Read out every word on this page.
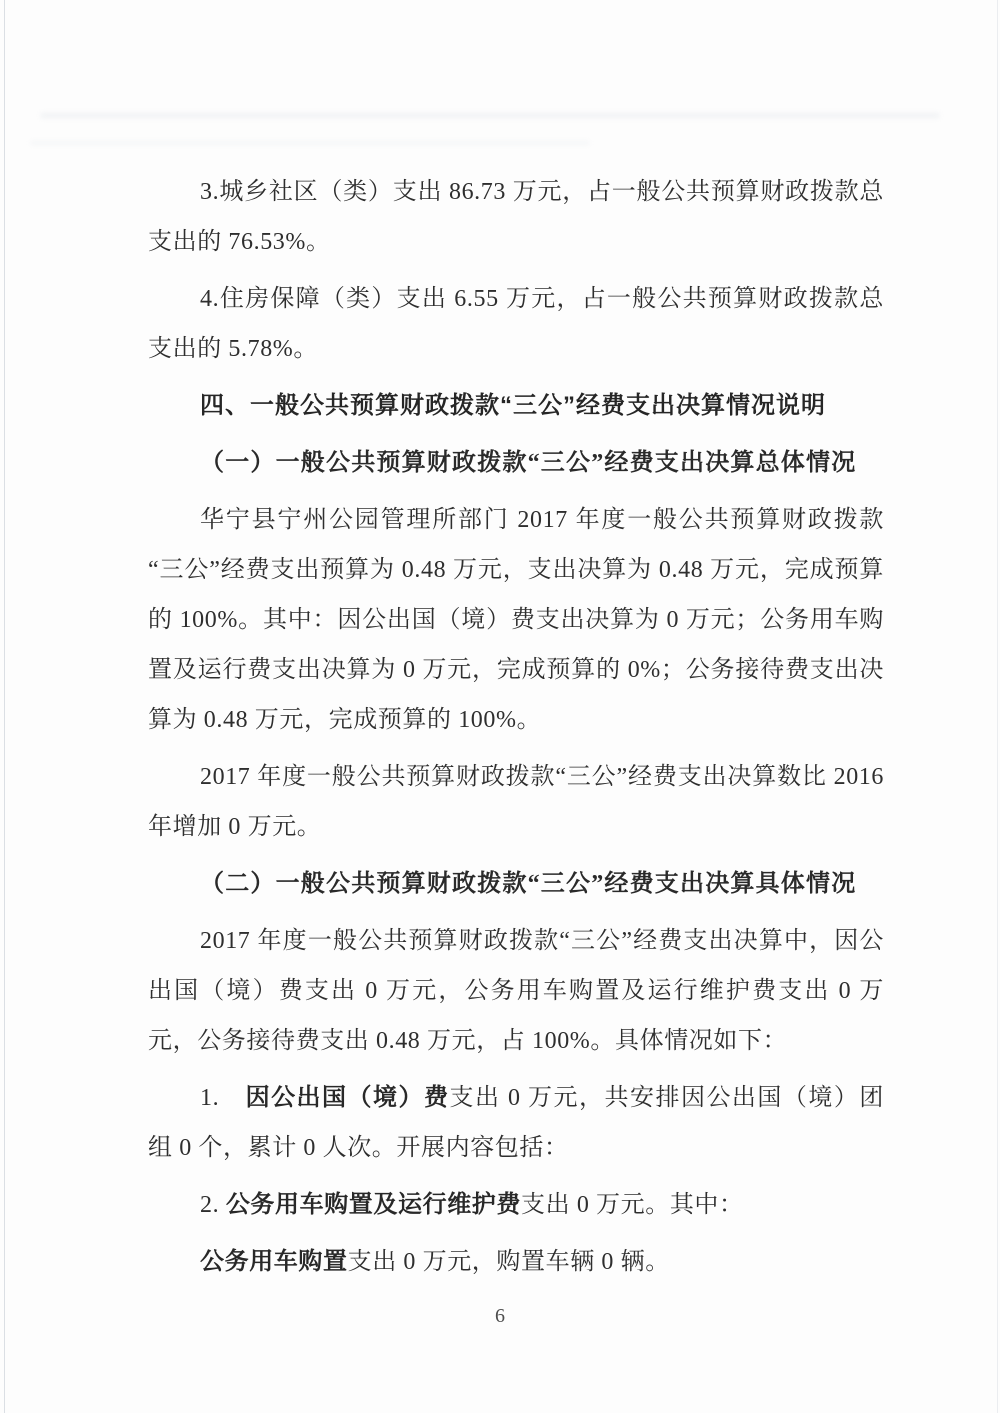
3.城乡社区（类）支出 86.73 万元，占一般公共预算财政拨款总支出的 76.53%。

4.住房保障（类）支出 6.55 万元，占一般公共预算财政拨款总支出的 5.78%。

四、一般公共预算财政拨款“三公”经费支出决算情况说明

（一）一般公共预算财政拨款“三公”经费支出决算总体情况

华宁县宁州公园管理所部门 2017 年度一般公共预算财政拨款“三公”经费支出预算为 0.48 万元，支出决算为 0.48 万元，完成预算的 100%。其中：因公出国（境）费支出决算为 0 万元；公务用车购置及运行费支出决算为 0 万元，完成预算的 0%；公务接待费支出决算为 0.48 万元，完成预算的 100%。

2017 年度一般公共预算财政拨款“三公”经费支出决算数比 2016 年增加 0 万元。

（二）一般公共预算财政拨款“三公”经费支出决算具体情况

2017 年度一般公共预算财政拨款“三公”经费支出决算中，因公出国（境）费支出 0 万元，公务用车购置及运行维护费支出 0 万元，公务接待费支出 0.48 万元，占 100%。具体情况如下：

1.　因公出国（境）费支出 0 万元，共安排因公出国（境）团组 0 个，累计 0 人次。开展内容包括：

2. 公务用车购置及运行维护费支出 0 万元。其中：

公务用车购置支出 0 万元，购置车辆 0 辆。

6
